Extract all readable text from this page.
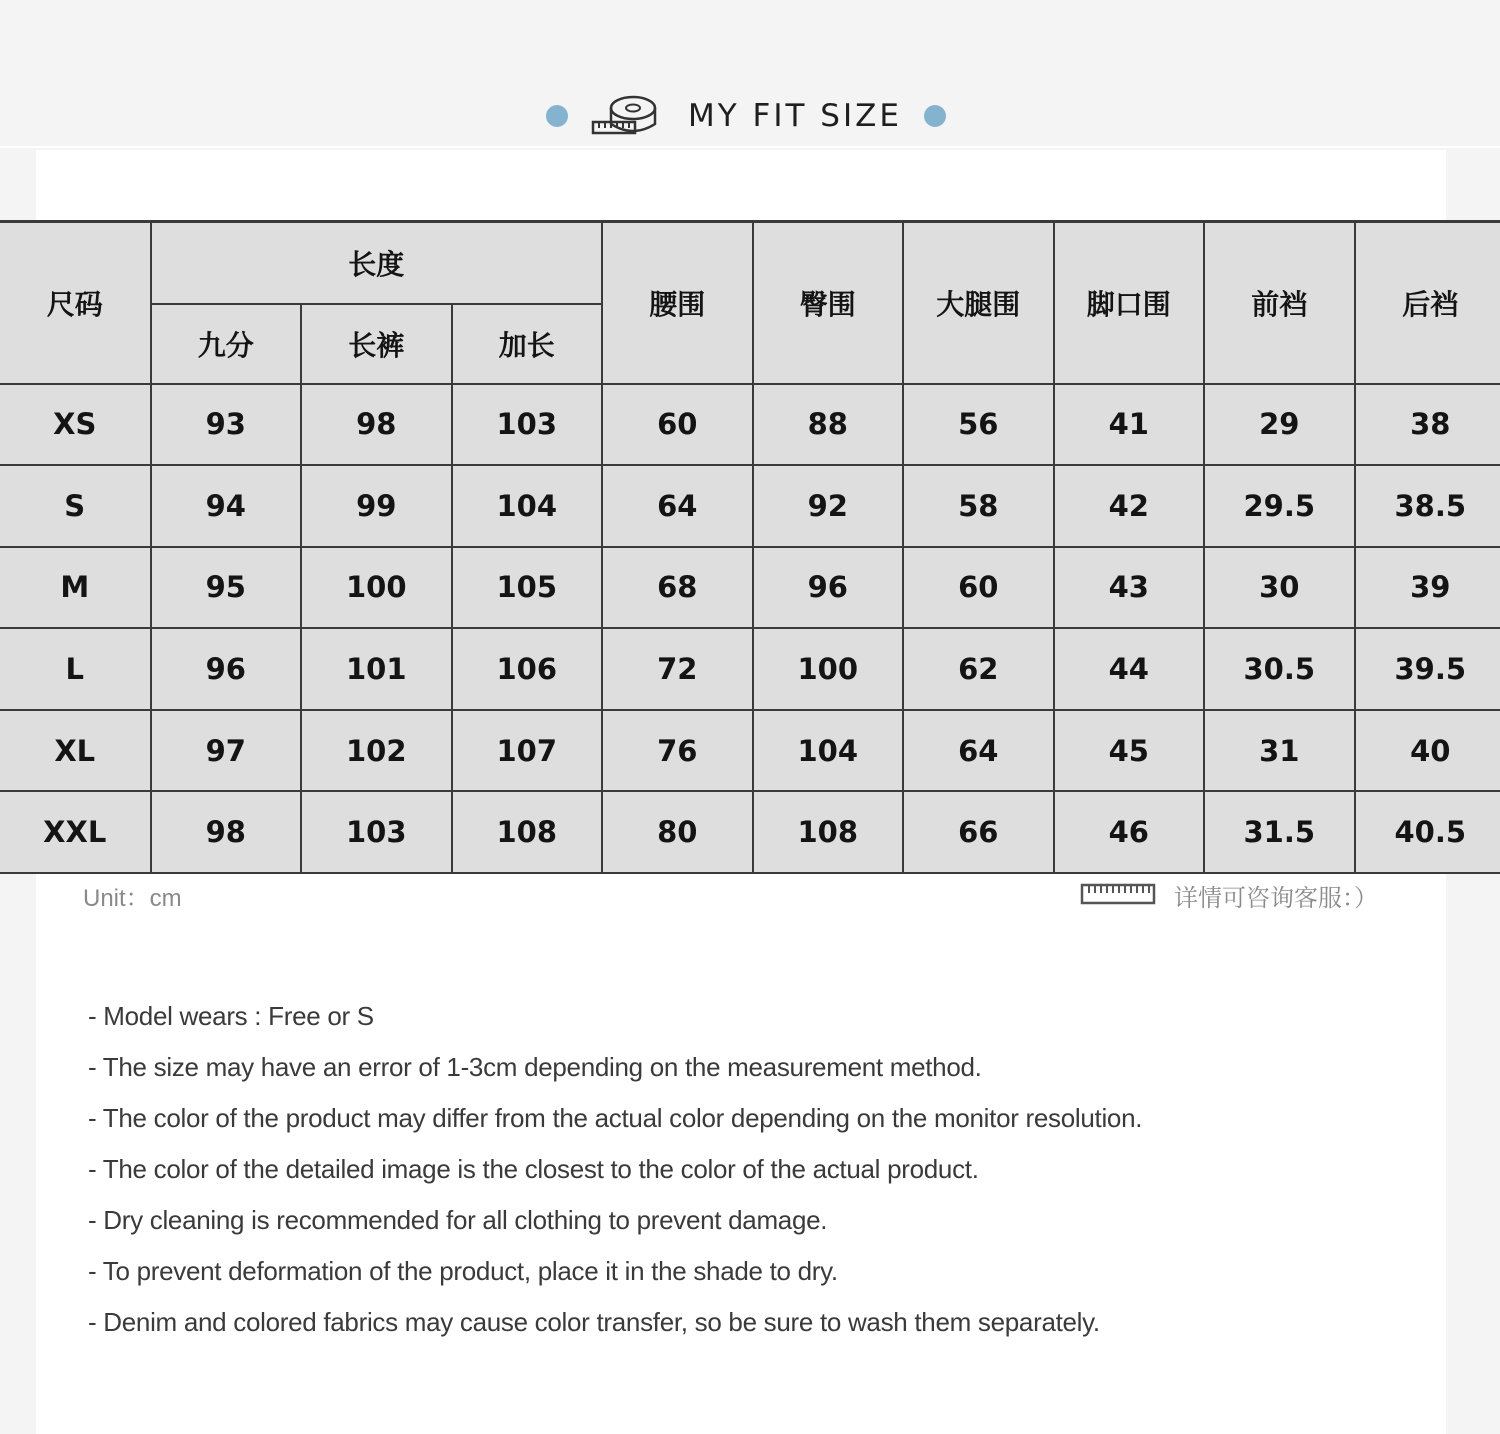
MY FIT SIZE
尺码	长度			腰围	臀围	大腿围	脚口围	前裆	后裆
	九分	长裤	加长						
XS	93	98	103	60	88	56	41	29	38
S	94	99	104	64	92	58	42	29.5	38.5
M	95	100	105	68	96	60	43	30	39
L	96	101	106	72	100	62	44	30.5	39.5
XL	97	102	107	76	104	64	45	31	40
XXL	98	103	108	80	108	66	46	31.5	40.5
Unit：cm	详情可咨询客服：）
- Model wears : Free or S
- The size may have an error of 1-3cm depending on the measurement method.
- The color of the product may differ from the actual color depending on the monitor resolution.
- The color of the detailed image is the closest to the color of the actual product.
- Dry cleaning is recommended for all clothing to prevent damage.
- To prevent deformation of the product, place it in the shade to dry.
- Denim and colored fabrics may cause color transfer, so be sure to wash them separately.
